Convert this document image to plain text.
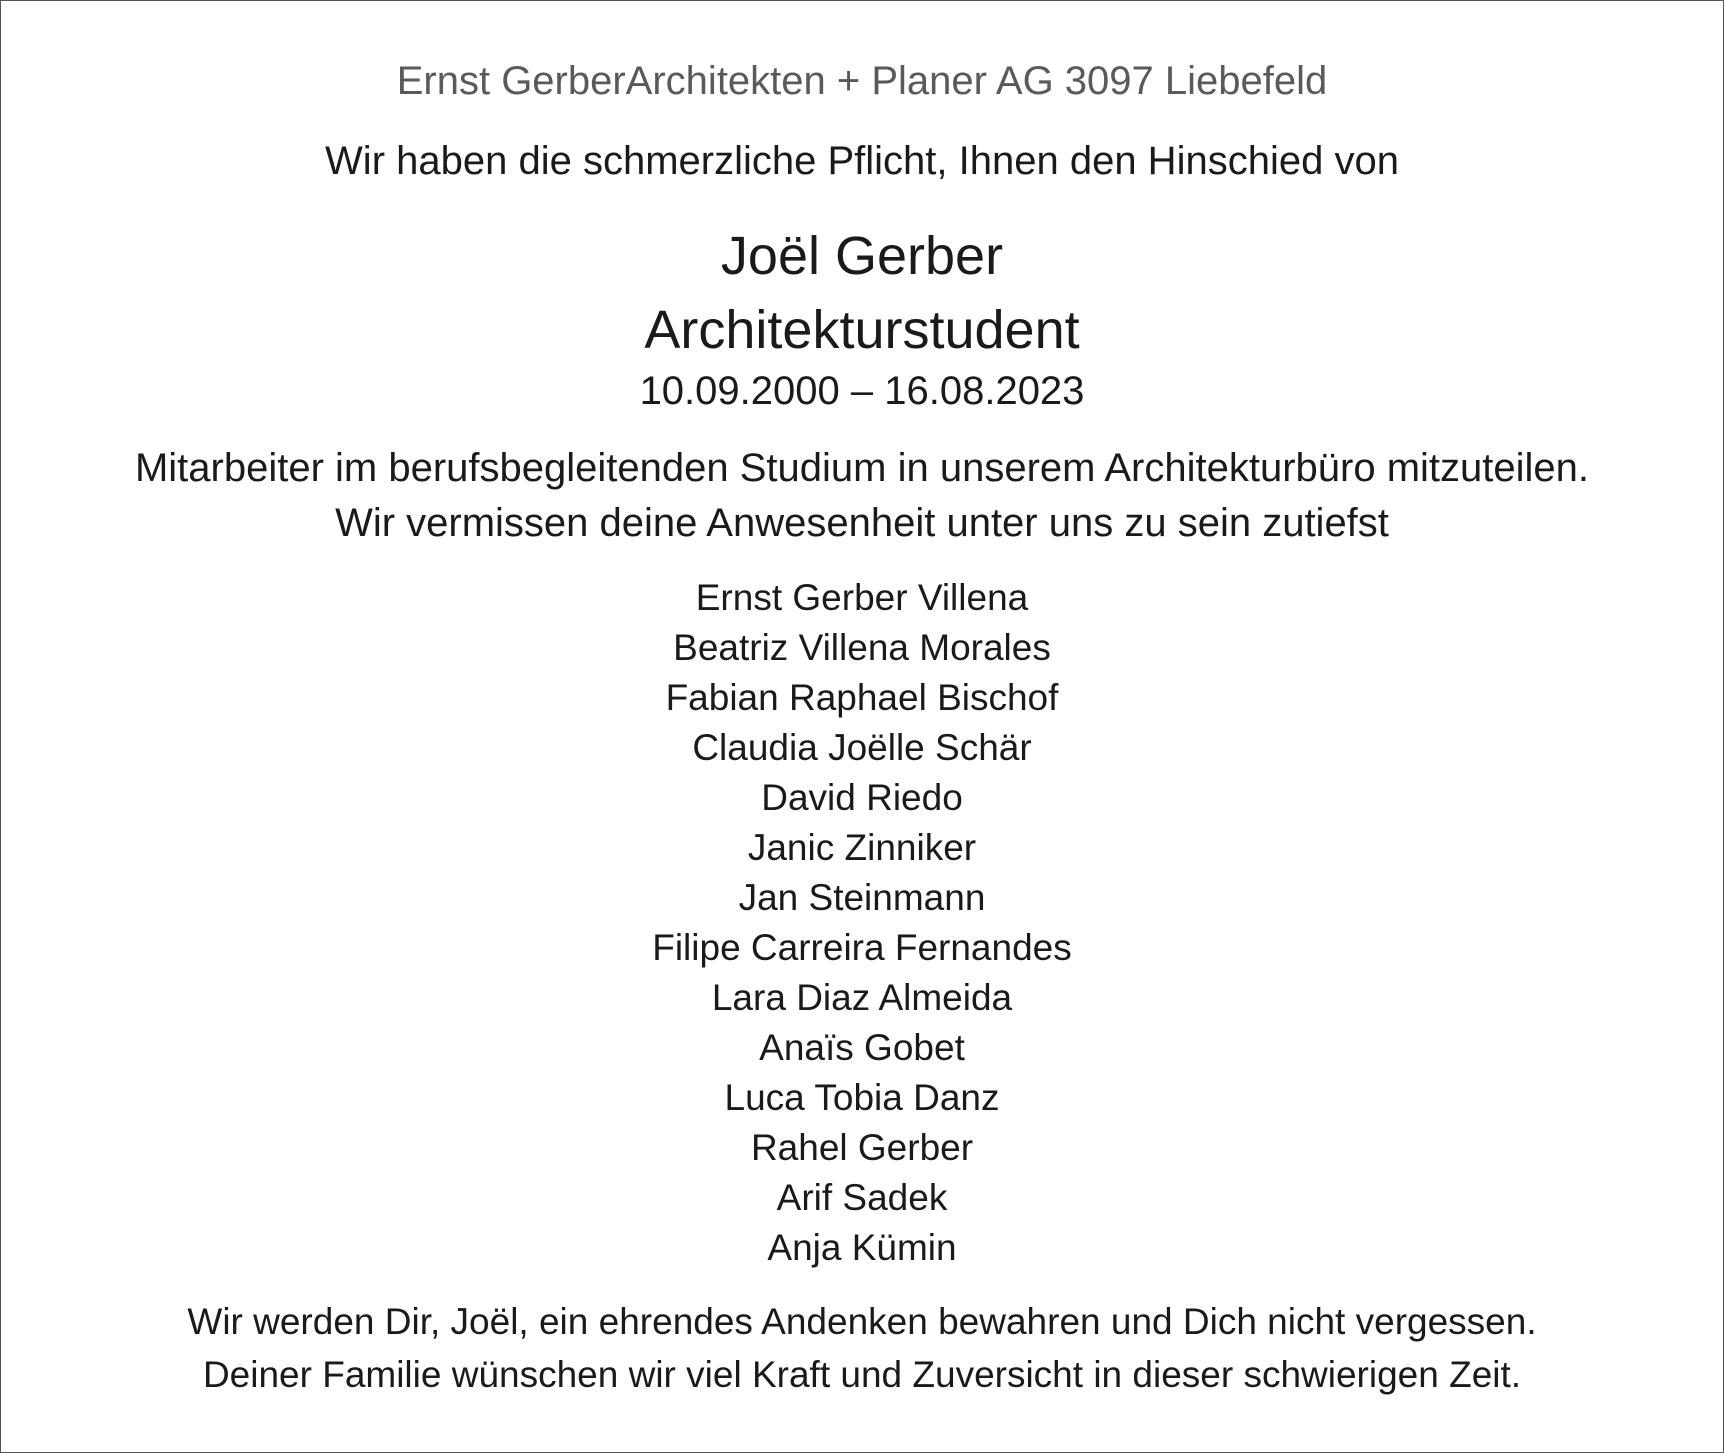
Ernst GerberArchitekten + Planer AG 3097 Liebefeld

Wir haben die schmerzliche Pflicht, Ihnen den Hinschied von

Joël Gerber

Architekturstudent

10.09.2000 – 16.08.2023

Mitarbeiter im berufsbegleitenden Studium in unserem Architekturbüro mitzuteilen.

Wir vermissen deine Anwesenheit unter uns zu sein zutiefst

Ernst Gerber Villena
Beatriz Villena Morales
Fabian Raphael Bischof
Claudia Joëlle Schär
David Riedo
Janic Zinniker
Jan Steinmann
Filipe Carreira Fernandes
Lara Diaz Almeida
Anaïs Gobet
Luca Tobia Danz
Rahel Gerber
Arif Sadek
Anja Kümin

Wir werden Dir, Joël, ein ehrendes Andenken bewahren und Dich nicht vergessen.

Deiner Familie wünschen wir viel Kraft und Zuversicht in dieser schwierigen Zeit.
